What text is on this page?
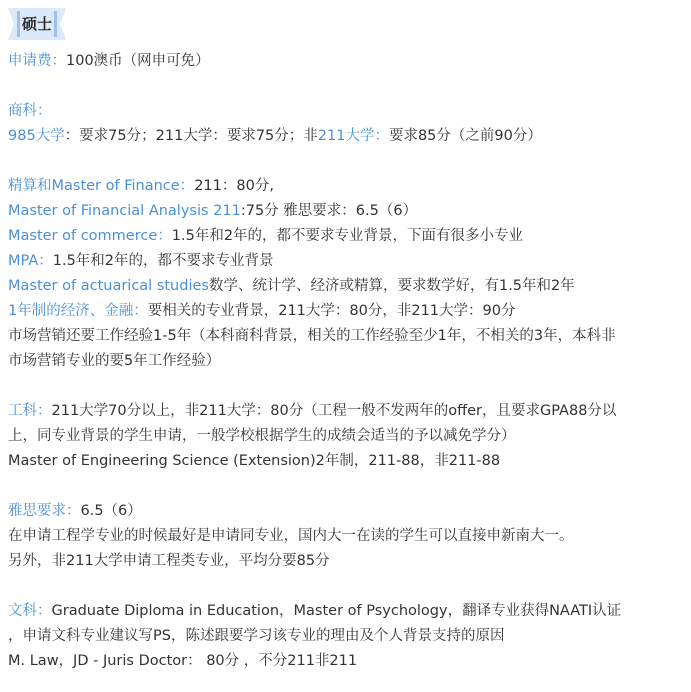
硕士
申请费：100澳币（网申可免）
商科：
985大学：要求75分；211大学：要求75分；非211大学：要求85分（之前90分）
精算和Master of Finance：211：80分,
Master of Financial Analysis 211:75分 雅思要求：6.5（6）
Master of commerce：1.5年和2年的，都不要求专业背景，下面有很多小专业
MPA：1.5年和2年的，都不要求专业背景
Master of actuarical studies数学、统计学、经济或精算，要求数学好，有1.5年和2年
1年制的经济、金融：要相关的专业背景，211大学：80分，非211大学：90分
市场营销还要工作经验1-5年（本科商科背景，相关的工作经验至少1年，不相关的3年，本科非
市场营销专业的要5年工作经验）
工科：211大学70分以上，非211大学：80分（工程一般不发两年的offer，且要求GPA88分以
上，同专业背景的学生申请，一般学校根据学生的成绩会适当的予以减免学分）
Master of Engineering Science (Extension)2年制，211-88，非211-88
雅思要求：6.5（6）
在申请工程学专业的时候最好是申请同专业，国内大一在读的学生可以直接申新南大一。
另外，非211大学申请工程类专业，平均分要85分
文科：Graduate Diploma in Education，Master of Psychology，翻译专业获得NAATI认证
，申请文科专业建议写PS，陈述跟要学习该专业的理由及个人背景支持的原因
M. Law，JD - Juris Doctor： 80分 ，不分211非211
